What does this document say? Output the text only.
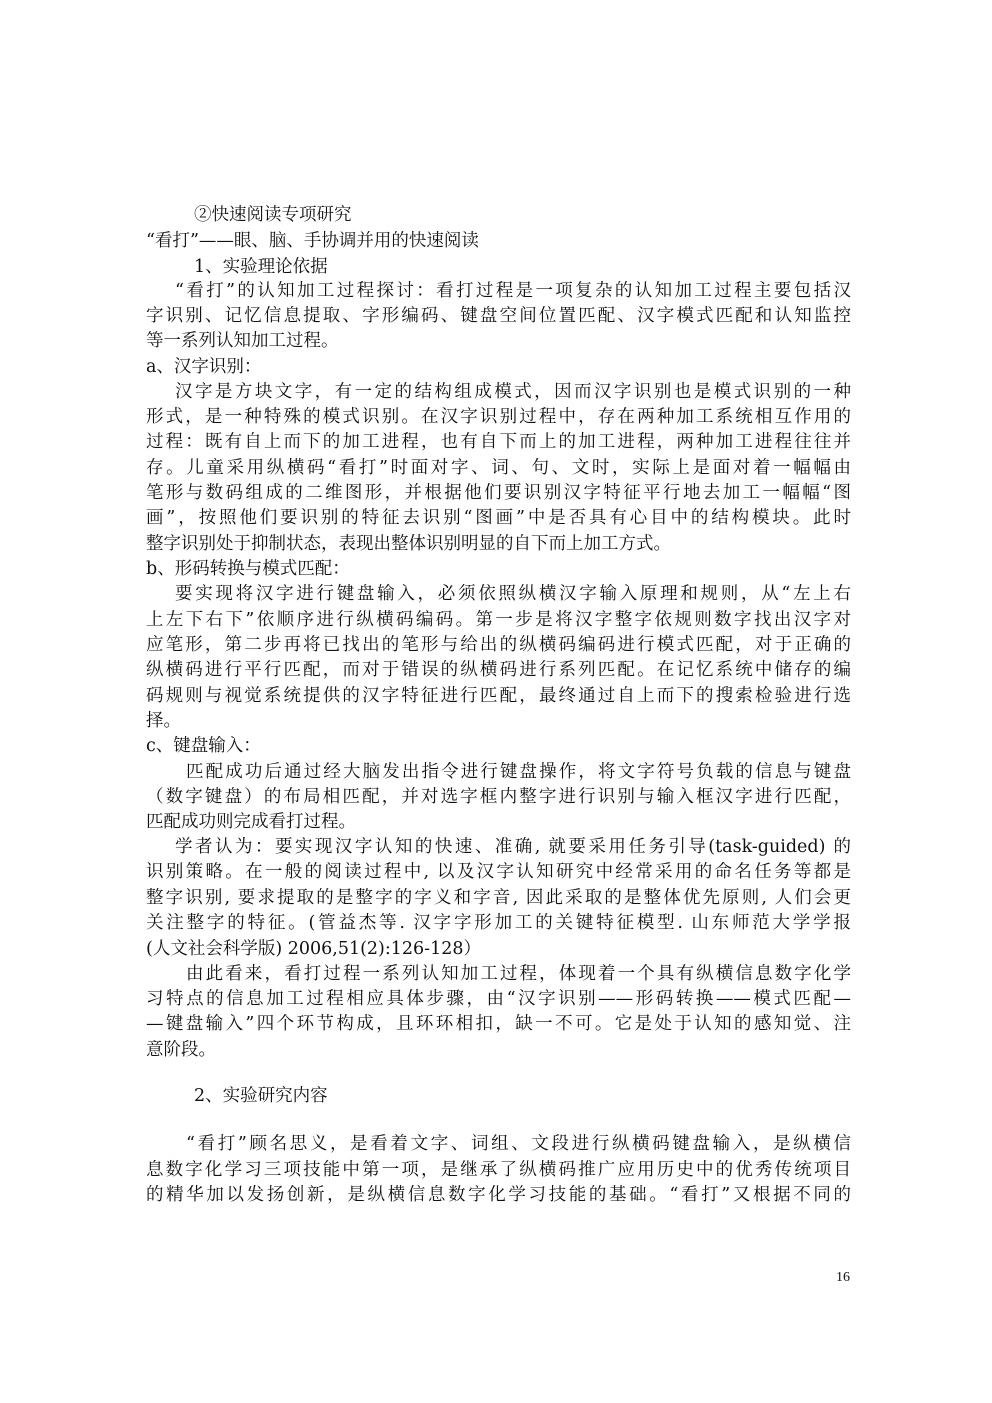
②快速阅读专项研究
“看打”——眼、脑、手协调并用的快速阅读
1、实验理论依据
“看打”的认知加工过程探讨：看打过程是一项复杂的认知加工过程主要包括汉
字识别、记忆信息提取、字形编码、键盘空间位置匹配、汉字模式匹配和认知监控
等一系列认知加工过程。
a、汉字识别：
汉字是方块文字，有一定的结构组成模式，因而汉字识别也是模式识别的一种
形式，是一种特殊的模式识别。在汉字识别过程中，存在两种加工系统相互作用的
过程：既有自上而下的加工进程，也有自下而上的加工进程，两种加工进程往往并
存。儿童采用纵横码“看打”时面对字、词、句、文时，实际上是面对着一幅幅由
笔形与数码组成的二维图形，并根据他们要识别汉字特征平行地去加工一幅幅“图
画”，按照他们要识别的特征去识别“图画”中是否具有心目中的结构模块。此时
整字识别处于抑制状态，表现出整体识别明显的自下而上加工方式。
b、形码转换与模式匹配：
要实现将汉字进行键盘输入，必须依照纵横汉字输入原理和规则，从“左上右
上左下右下”依顺序进行纵横码编码。第一步是将汉字整字依规则数字找出汉字对
应笔形，第二步再将已找出的笔形与给出的纵横码编码进行模式匹配，对于正确的
纵横码进行平行匹配，而对于错误的纵横码进行系列匹配。在记忆系统中储存的编
码规则与视觉系统提供的汉字特征进行匹配，最终通过自上而下的搜索检验进行选
择。
c、键盘输入：
匹配成功后通过经大脑发出指令进行键盘操作，将文字符号负载的信息与键盘
（数字键盘）的布局相匹配，并对选字框内整字进行识别与输入框汉字进行匹配，
匹配成功则完成看打过程。
学者认为：要实现汉字认知的快速、准确, 就要采用任务引导(task-guided) 的
识别策略。在一般的阅读过程中, 以及汉字认知研究中经常采用的命名任务等都是
整字识别, 要求提取的是整字的字义和字音, 因此采取的是整体优先原则, 人们会更
关注整字的特征。(管益杰等. 汉字字形加工的关键特征模型. 山东师范大学学报
(人文社会科学版) 2006,51(2):126-128）
由此看来，看打过程一系列认知加工过程，体现着一个具有纵横信息数字化学
习特点的信息加工过程相应具体步骤，由“汉字识别——形码转换——模式匹配—
—键盘输入”四个环节构成，且环环相扣，缺一不可。它是处于认知的感知觉、注
意阶段。
2、实验研究内容
“看打”顾名思义，是看着文字、词组、文段进行纵横码键盘输入，是纵横信
息数字化学习三项技能中第一项，是继承了纵横码推广应用历史中的优秀传统项目
的精华加以发扬创新，是纵横信息数字化学习技能的基础。“看打”又根据不同的
16
